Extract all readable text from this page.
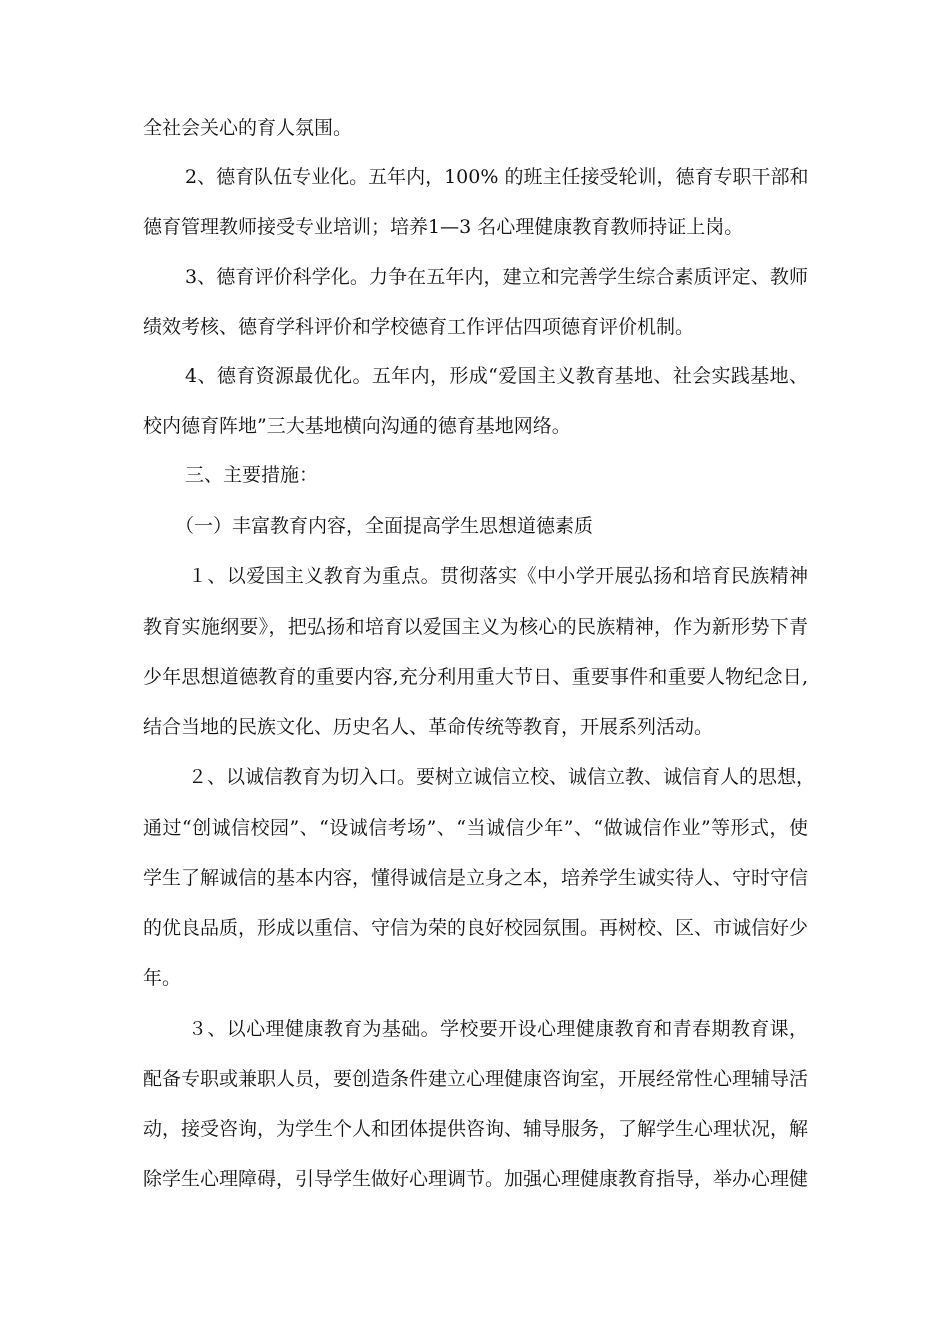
全社会关心的育人氛围。
2、德育队伍专业化。五年内，100% 的班主任接受轮训，德育专职干部和
德育管理教师接受专业培训；培养1—3 名心理健康教育教师持证上岗。
3、德育评价科学化。力争在五年内，建立和完善学生综合素质评定、教师
绩效考核、德育学科评价和学校德育工作评估四项德育评价机制。
4、德育资源最优化。五年内，形成“爱国主义教育基地、社会实践基地、
校内德育阵地”三大基地横向沟通的德育基地网络。
三、主要措施：
（一）丰富教育内容，全面提高学生思想道德素质
１、以爱国主义教育为重点。贯彻落实《中小学开展弘扬和培育民族精神
教育实施纲要》，把弘扬和培育以爱国主义为核心的民族精神，作为新形势下青
少年思想道德教育的重要内容,充分利用重大节日、重要事件和重要人物纪念日,
结合当地的民族文化、历史名人、革命传统等教育，开展系列活动。
２、以诚信教育为切入口。要树立诚信立校、诚信立教、诚信育人的思想，
通过“创诚信校园”、“设诚信考场”、“当诚信少年”、“做诚信作业”等形式，使
学生了解诚信的基本内容，懂得诚信是立身之本，培养学生诚实待人、守时守信
的优良品质，形成以重信、守信为荣的良好校园氛围。再树校、区、市诚信好少
年。
３、以心理健康教育为基础。学校要开设心理健康教育和青春期教育课，
配备专职或兼职人员，要创造条件建立心理健康咨询室，开展经常性心理辅导活
动，接受咨询，为学生个人和团体提供咨询、辅导服务，了解学生心理状况，解
除学生心理障碍，引导学生做好心理调节。加强心理健康教育指导，举办心理健
